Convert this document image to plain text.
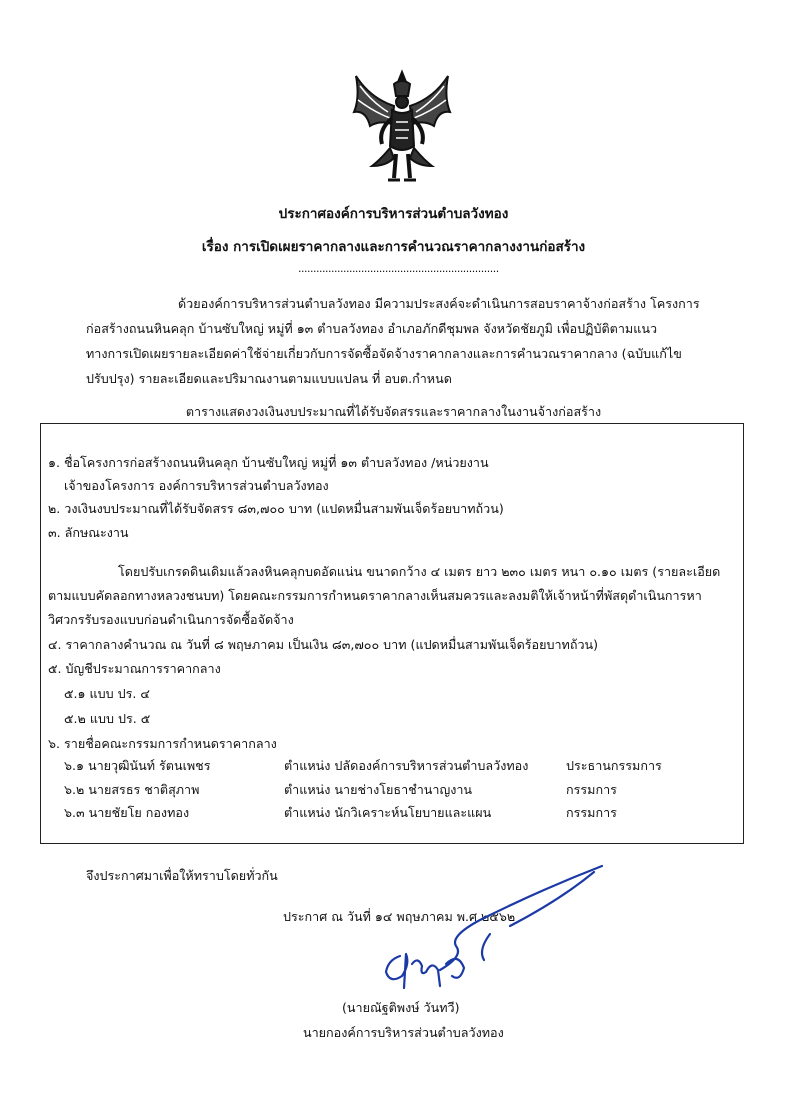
ประกาศองค์การบริหารส่วนตำบลวังทอง
เรื่อง การเปิดเผยราคากลางและการคำนวณราคากลางงานก่อสร้าง
...................................................................
ด้วยองค์การบริหารส่วนตำบลวังทอง มีความประสงค์จะดำเนินการสอบราคาจ้างก่อสร้าง โครงการ
ก่อสร้างถนนหินคลุก บ้านซับใหญ่ หมู่ที่ ๑๓ ตำบลวังทอง อำเภอภักดีชุมพล จังหวัดชัยภูมิ เพื่อปฏิบัติตามแนว
ทางการเปิดเผยรายละเอียดค่าใช้จ่ายเกี่ยวกับการจัดซื้อจัดจ้างราคากลางและการคำนวณราคากลาง (ฉบับแก้ไข
ปรับปรุง) รายละเอียดและปริมาณงานตามแบบแปลน ที่ อบต.กำหนด
ตารางแสดงวงเงินงบประมาณที่ได้รับจัดสรรและราคากลางในงานจ้างก่อสร้าง
๑. ชื่อโครงการก่อสร้างถนนหินคลุก บ้านซับใหญ่ หมู่ที่ ๑๓ ตำบลวังทอง /หน่วยงาน
เจ้าของโครงการ องค์การบริหารส่วนตำบลวังทอง
๒. วงเงินงบประมาณที่ได้รับจัดสรร ๘๓,๗๐๐ บาท (แปดหมื่นสามพันเจ็ดร้อยบาทถ้วน)
๓. ลักษณะงาน
โดยปรับเกรดดินเดิมแล้วลงหินคลุกบดอัดแน่น ขนาดกว้าง ๔ เมตร ยาว ๒๓๐ เมตร หนา ๐.๑๐ เมตร (รายละเอียด
ตามแบบคัดลอกทางหลวงชนบท) โดยคณะกรรมการกำหนดราคากลางเห็นสมควรและลงมติให้เจ้าหน้าที่พัสดุดำเนินการหา
วิศวกรรับรองแบบก่อนดำเนินการจัดซื้อจัดจ้าง
๔. ราคากลางคำนวณ ณ วันที่ ๘ พฤษภาคม เป็นเงิน ๘๓,๗๐๐ บาท (แปดหมื่นสามพันเจ็ดร้อยบาทถ้วน)
๕. บัญชีประมาณการราคากลาง
๕.๑ แบบ ปร. ๔
๕.๒ แบบ ปร. ๕
๖. รายชื่อคณะกรรมการกำหนดราคากลาง
๖.๑ นายวุฒินันท์ รัตนเพชร	ตำแหน่ง ปลัดองค์การบริหารส่วนตำบลวังทอง	ประธานกรรมการ
๖.๒ นายสรธร ชาติสุภาพ	ตำแหน่ง นายช่างโยธาชำนาญงาน	กรรมการ
๖.๓ นายชัยโย กองทอง	ตำแหน่ง นักวิเคราะห์นโยบายและแผน	กรรมการ
จึงประกาศมาเพื่อให้ทราบโดยทั่วกัน
ประกาศ ณ วันที่ ๑๔ พฤษภาคม พ.ศ.๒๕๖๒
(นายณัฐติพงษ์ วันทวี)
นายกองค์การบริหารส่วนตำบลวังทอง
